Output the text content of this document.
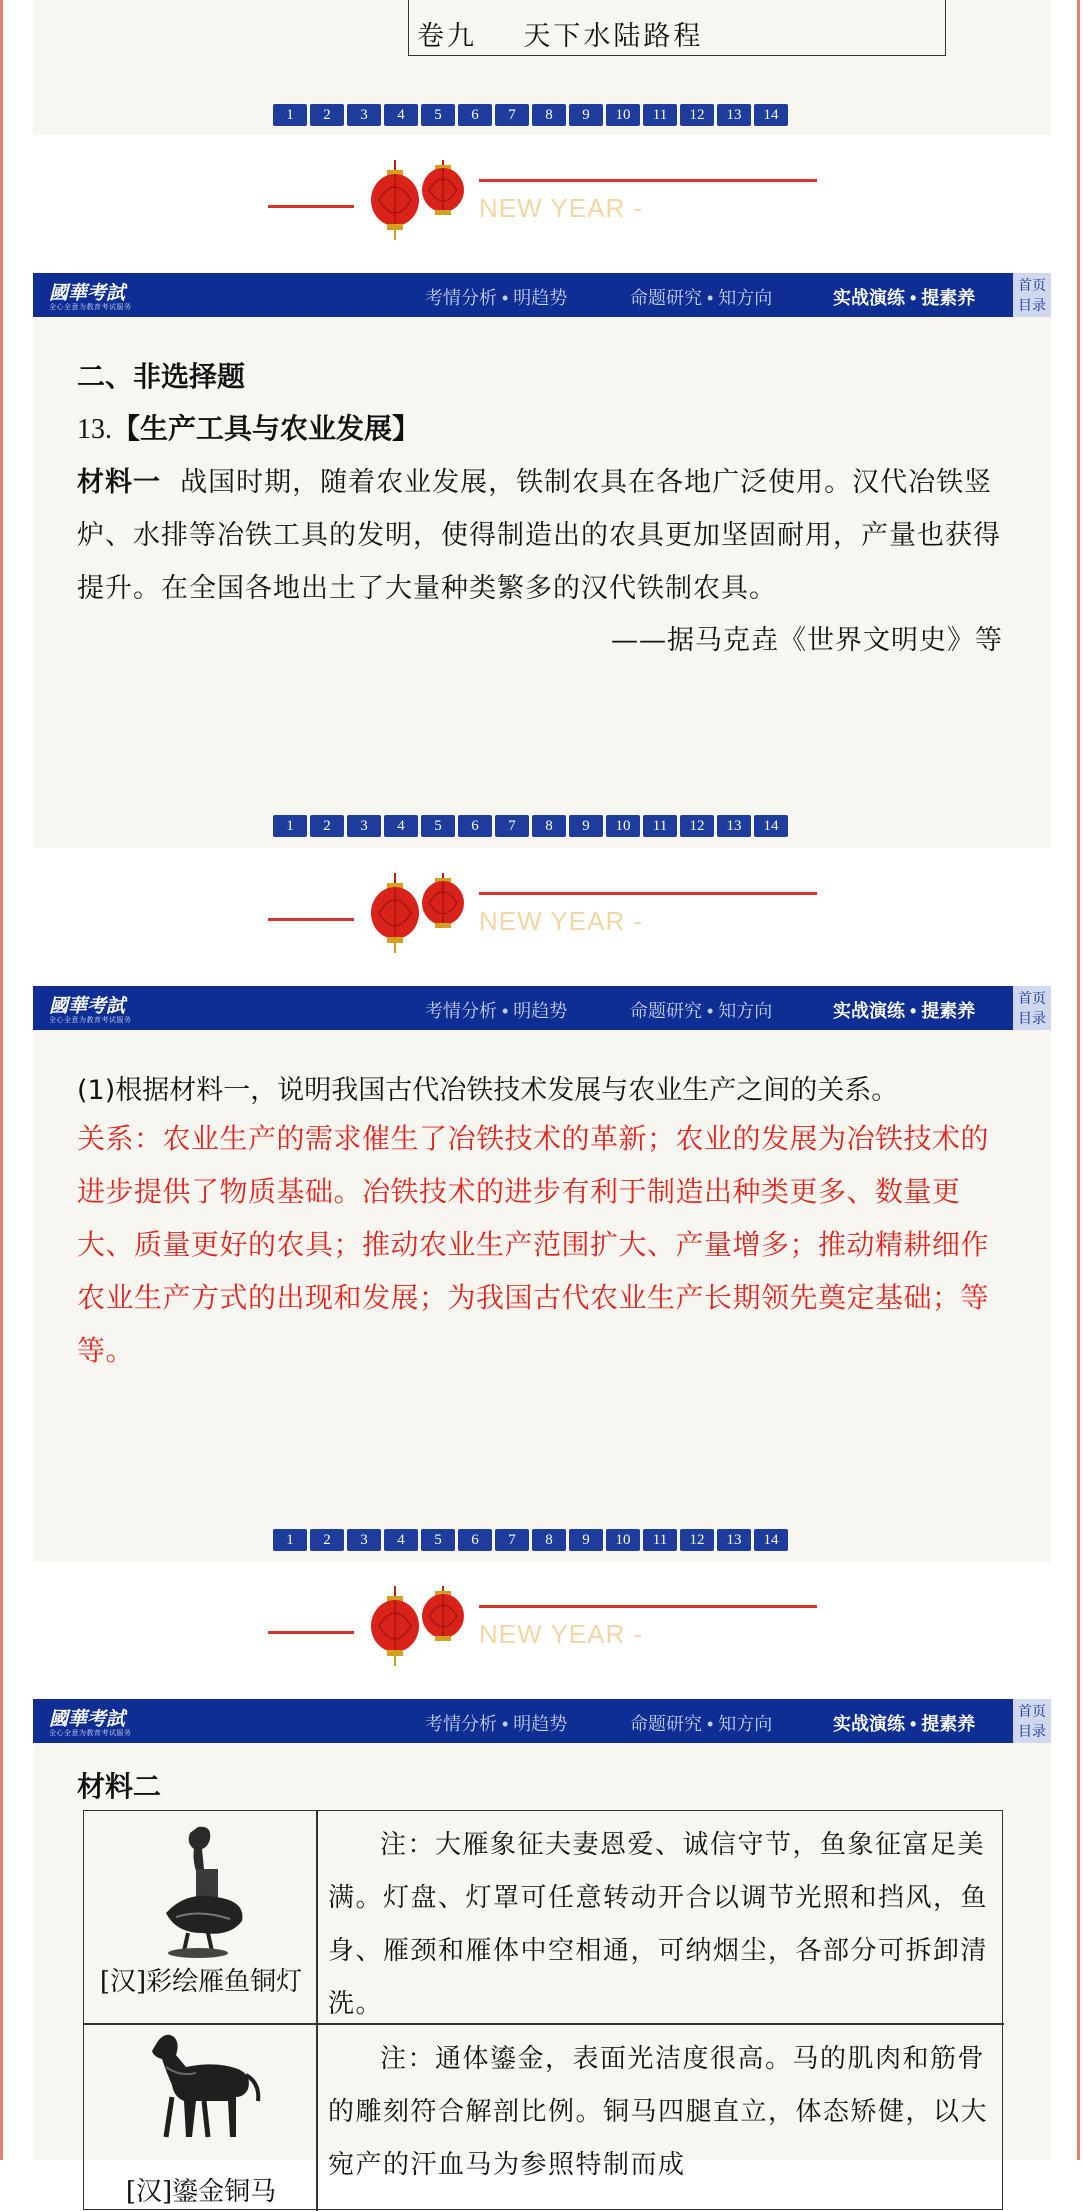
卷九    天下水陆路程
1	2	3	4	5	6	7	8	9	10	11	12	13	14
NEW YEAR -
國華考試
全心全意为教育考试服务	考情分析 • 明趋势	命题研究 • 知方向	实战演练 • 提素养
首页
目录
二、非选择题
13.【生产工具与农业发展】
材料一  战国时期，随着农业发展，铁制农具在各地广泛使用。汉代冶铁竖炉、水排等冶铁工具的发明，使得制造出的农具更加坚固耐用，产量也获得提升。在全国各地出土了大量种类繁多的汉代铁制农具。
——据马克垚《世界文明史》等
1	2	3	4	5	6	7	8	9	10	11	12	13	14
NEW YEAR -
國華考試
全心全意为教育考试服务	考情分析 • 明趋势	命题研究 • 知方向	实战演练 • 提素养
首页
目录
(1)根据材料一，说明我国古代冶铁技术发展与农业生产之间的关系。
关系：农业生产的需求催生了冶铁技术的革新；农业的发展为冶铁技术的进步提供了物质基础。冶铁技术的进步有利于制造出种类更多、数量更大、质量更好的农具；推动农业生产范围扩大、产量增多；推动精耕细作农业生产方式的出现和发展；为我国古代农业生产长期领先奠定基础；等等。
1	2	3	4	5	6	7	8	9	10	11	12	13	14
NEW YEAR -
國華考試
全心全意为教育考试服务	考情分析 • 明趋势	命题研究 • 知方向	实战演练 • 提素养
首页
目录
材料二
[汉]彩绘雁鱼铜灯
注：大雁象征夫妻恩爱、诚信守节，鱼象征富足美满。灯盘、灯罩可任意转动开合以调节光照和挡风，鱼身、雁颈和雁体中空相通，可纳烟尘，各部分可拆卸清洗。
[汉]鎏金铜马
注：通体鎏金，表面光洁度很高。马的肌肉和筋骨的雕刻符合解剖比例。铜马四腿直立，体态矫健，以大宛产的汗血马为参照特制而成
